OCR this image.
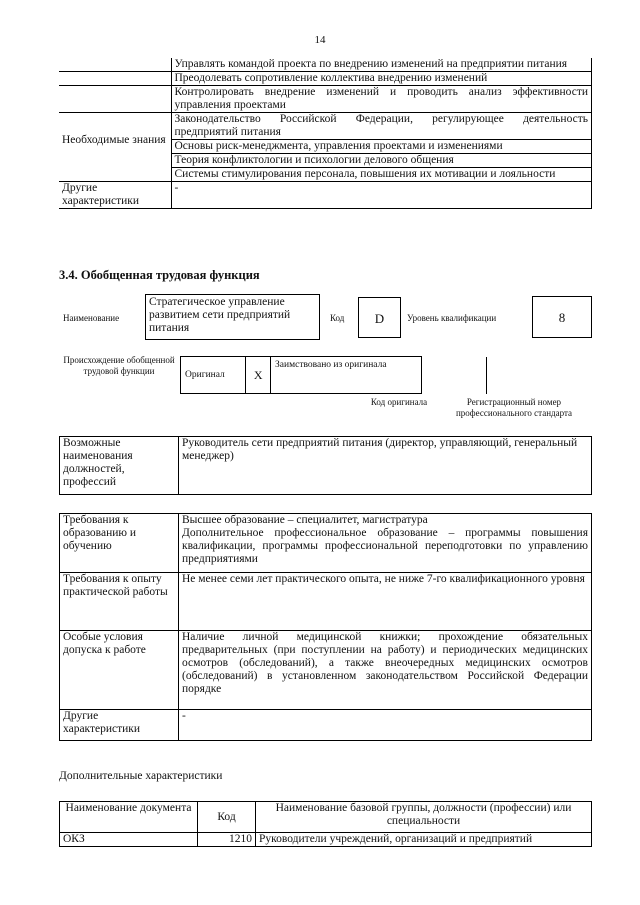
14
	Управлять командой проекта по внедрению изменений на предприятии питания
	Преодолевать сопротивление коллектива внедрению изменений
	Контролировать внедрение изменений и проводить анализ эффективности управления проектами
Необходимые знания	Законодательство Российской Федерации, регулирующее деятельность предприятий питания
	Основы риск-менеджмента, управления проектами и изменениями
	Теория конфликтологии и психологии делового общения
	Системы стимулирования персонала, повышения их мотивации и лояльности
Другие характеристики	-
3.4. Обобщенная трудовая функция
Наименование
Стратегическое управление развитием сети предприятий питания
Код	D	Уровень квалификации	8
Происхождение обобщенной трудовой функции	Оригинал	X	Заимствовано из оригинала		
Код оригинала	Регистрационный номер профессионального стандарта
Возможные наименования должностей, профессий	Руководитель сети предприятий питания (директор, управляющий, генеральный менеджер)
Требования к образованию и обучению	Высшее образование – специалитет, магистратура
Дополнительное профессиональное образование – программы повышения квалификации, программы профессиональной переподготовки по управлению предприятиями

Требования к опыту практической работы	Не менее семи лет практического опыта, не ниже 7-го квалификационного уровня
Особые условия допуска к работе	Наличие личной медицинской книжки; прохождение обязательных предварительных (при поступлении на работу) и периодических медицинских осмотров (обследований), а также внеочередных медицинских осмотров (обследований) в установленном законодательством Российской Федерации порядке
Другие характеристики	-
Дополнительные характеристики
Наименование документа	Код	Наименование базовой группы, должности (профессии) или специальности
ОКЗ	1210	Руководители учреждений, организаций и предприятий
